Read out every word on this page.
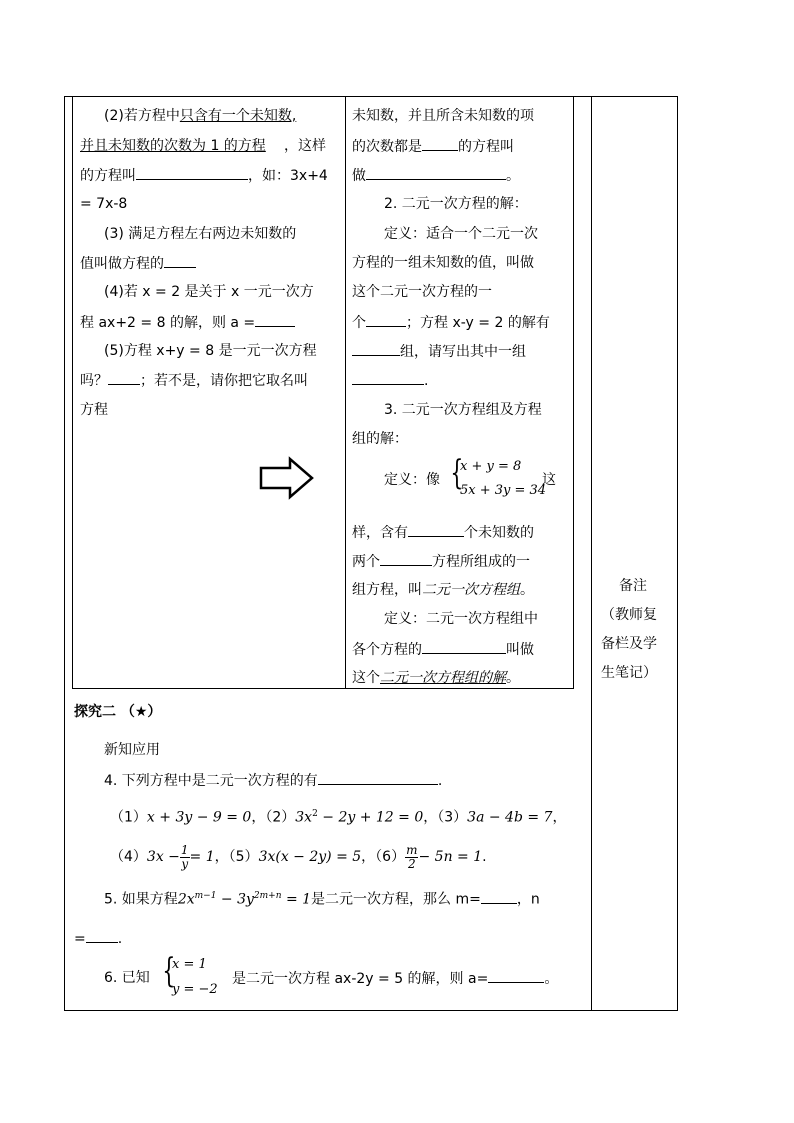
(2)若方程中只含有一个未知数,
并且未知数的次数为 1 的方程 ，这样
的方程叫	，如：3x+4
= 7x-8
(3) 满足方程左右两边未知数的
值叫做方程的
(4)若 x = 2 是关于 x 一元一次方
程 ax+2 = 8 的解，则 a =
(5)方程 x+y = 8 是一元一次方程
吗？ ；若不是，请你把它取名叫
方程
未知数，并且所含未知数的项
的次数都是	的方程叫
做	。
2. 二元一次方程的解：
定义：适合一个二元一次
方程的一组未知数的值，叫做
这个二元一次方程的一
个	；方程 x-y = 2 的解有
组，请写出其中一组
.
3. 二元一次方程组及方程
组的解：
定义：像 {
x + y = 8
5x + 3y = 34
这
样，含有	个未知数的
两个	方程所组成的一
组方程，叫二元一次方程组。
定义：二元一次方程组中
各个方程的	叫做
这个二元一次方程组的解。
备注
（教师复
备栏及学
生笔记）
探究二 （★）
新知应用
4. 下列方程中是二元一次方程的有	.
（1）x + 3y − 9 = 0，$(2)3x^2 - 2y + 12 = 0$，（3）3a − 4b = 7，
$(4)3x - \frac{1}{y} = 1$，（5）3x(x − 2y) = 5，$(6) \frac{m}{2} - 5n = 1$.
5. 如果方程$2x^{m-1} - 3y^{2m+n} = 1$是二元一次方程，那么 m=	，n
= .
6. 已知 {
x = 1
y = −2
是二元一次方程 ax-2y = 5 的解，则 a=	。
